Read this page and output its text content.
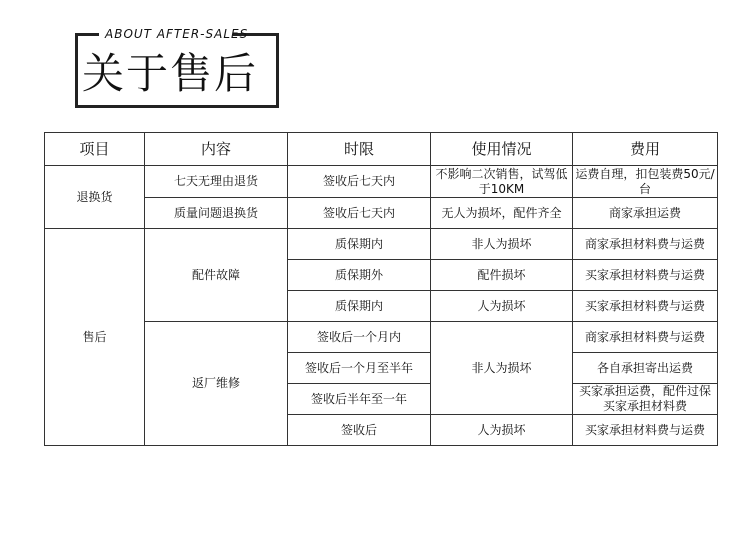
ABOUT AFTER-SALES
关于售后
项目	内容	时限	使用情况	费用
退换货	七天无理由退货	签收后七天内	不影响二次销售，试驾低于10KM	运费自理，扣包装费50元/台
	质量问题退换货	签收后七天内	无人为损坏，配件齐全	商家承担运费
售后	配件故障	质保期内	非人为损坏	商家承担材料费与运费
		质保期外	配件损坏	买家承担材料费与运费
		质保期内	人为损坏	买家承担材料费与运费
	返厂维修	签收后一个月内	非人为损坏	商家承担材料费与运费
		签收后一个月至半年		各自承担寄出运费
		签收后半年至一年		买家承担运费，配件过保买家承担材料费
		签收后	人为损坏	买家承担材料费与运费
